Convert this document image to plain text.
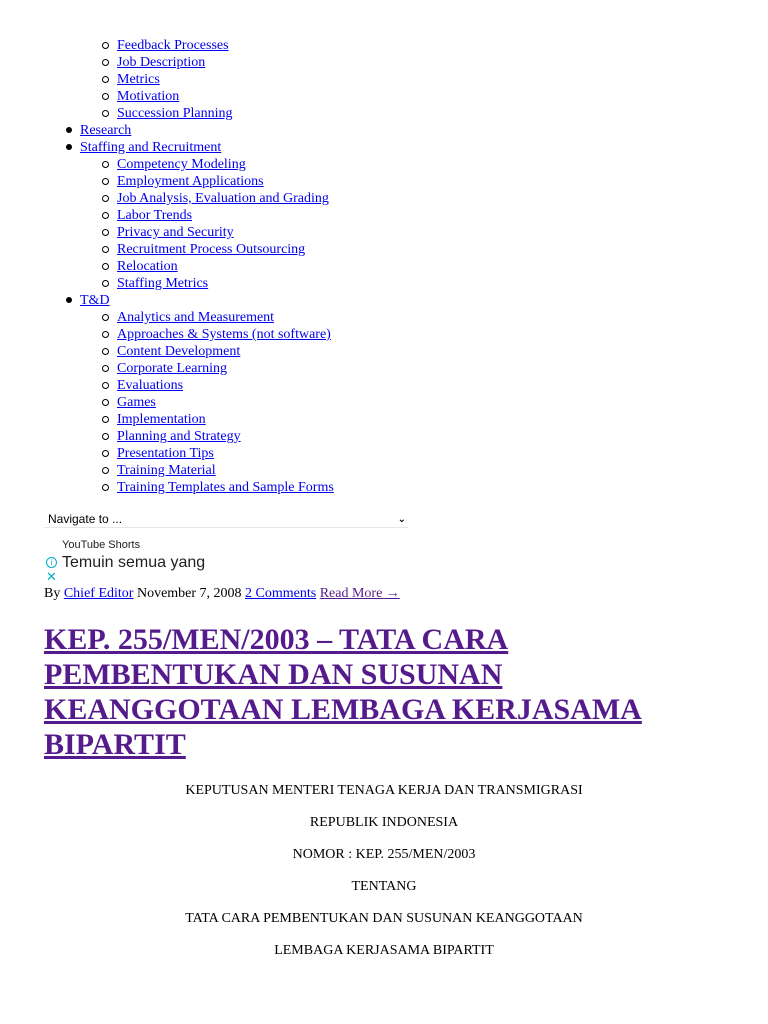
Feedback Processes
Job Description
Metrics
Motivation
Succession Planning
Research
Staffing and Recruitment
Competency Modeling
Employment Applications
Job Analysis, Evaluation and Grading
Labor Trends
Privacy and Security
Recruitment Process Outsourcing
Relocation
Staffing Metrics
T&D
Analytics and Measurement
Approaches & Systems (not software)
Content Development
Corporate Learning
Evaluations
Games
Implementation
Planning and Strategy
Presentation Tips
Training Material
Training Templates and Sample Forms
Navigate to ...	⌄
YouTube Shorts
i Temuin semua yang
✕
By Chief Editor November 7, 2008 2 Comments Read More →
KEP. 255/MEN/2003 – TATA CARA PEMBENTUKAN DAN SUSUNAN KEANGGOTAAN LEMBAGA KERJASAMA BIPARTIT

KEPUTUSAN MENTERI TENAGA KERJA DAN TRANSMIGRASI

REPUBLIK INDONESIA

NOMOR : KEP. 255/MEN/2003

TENTANG

TATA CARA PEMBENTUKAN DAN SUSUNAN KEANGGOTAAN

LEMBAGA KERJASAMA BIPARTIT
